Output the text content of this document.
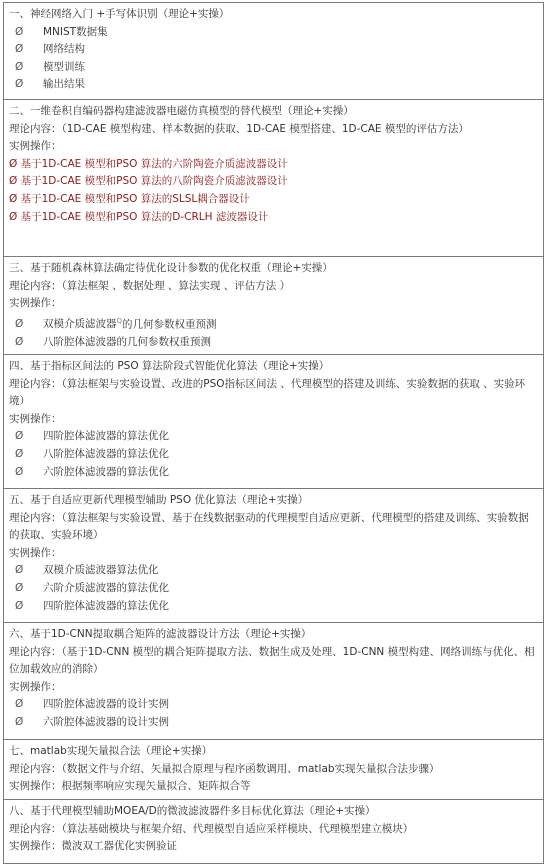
一、神经网络入门 +手写体识别（理论+实操）
Ø MNIST数据集
Ø 网络结构
Ø 模型训练
Ø 输出结果
二、一维卷积自编码器构建滤波器电磁仿真模型的替代模型（理论+实操）
理论内容：（1D-CAE 模型构建、样本数据的获取、1D-CAE 模型搭建、1D-CAE 模型的评估方法）
实例操作：
Ø 基于1D-CAE 模型和PSO 算法的六阶陶瓷介质滤波器设计
Ø 基于1D-CAE 模型和PSO 算法的八阶陶瓷介质滤波器设计
Ø 基于1D-CAE 模型和PSO 算法的SLSL耦合器设计
Ø 基于1D-CAE 模型和PSO 算法的D-CRLH 滤波器设计
三、基于随机森林算法确定待优化设计参数的优化权重（理论+实操）
理论内容：（算法框架 、数据处理 、算法实现 、评估方法 ）
实例操作：
Ø 双模介质滤波器$^Q$的几何参数权重预测
Ø 八阶腔体滤波器的几何参数权重预测
四、基于指标区间法的 PSO 算法阶段式智能优化算法（理论+实操）
理论内容：（算法框架与实验设置、改进的PSO指标区间法 、代理模型的搭建及训练、实验数据的获取 、实验环境）
实例操作：
Ø 四阶腔体滤波器的算法优化
Ø 八阶腔体滤波器的算法优化
Ø 六阶腔体滤波器的算法优化
五、基于自适应更新代理模型辅助 PSO 优化算法（理论+实操）
理论内容：（算法框架与实验设置、基于在线数据驱动的代理模型自适应更新、代理模型的搭建及训练、实验数据的获取、实验环境）
实例操作：
Ø 双模介质滤波器算法优化
Ø 六阶介质滤波器的算法优化
Ø 四阶腔体滤波器的算法优化
六、基于1D-CNN提取耦合矩阵的滤波器设计方法（理论+实操）
理论内容：（基于1D-CNN 模型的耦合矩阵提取方法、数据生成及处理、1D-CNN 模型构建、网络训练与优化、相位加载效应的消除）
实例操作：
Ø 四阶腔体滤波器的设计实例
Ø 六阶腔体滤波器的设计实例
七、matlab实现矢量拟合法（理论+实操）
理论内容：（数据文件与介绍、矢量拟合原理与程序函数调用、matlab实现矢量拟合法步骤）
实例操作：根据频率响应实现矢量拟合、矩阵拟合等
八、基于代理模型辅助MOEA/D的微波滤波器件多目标优化算法（理论+实操）
理论内容：（算法基础模块与框架介绍、代理模型自适应采样模块、代理模型建立模块）
实例操作：微波双工器优化实例验证
